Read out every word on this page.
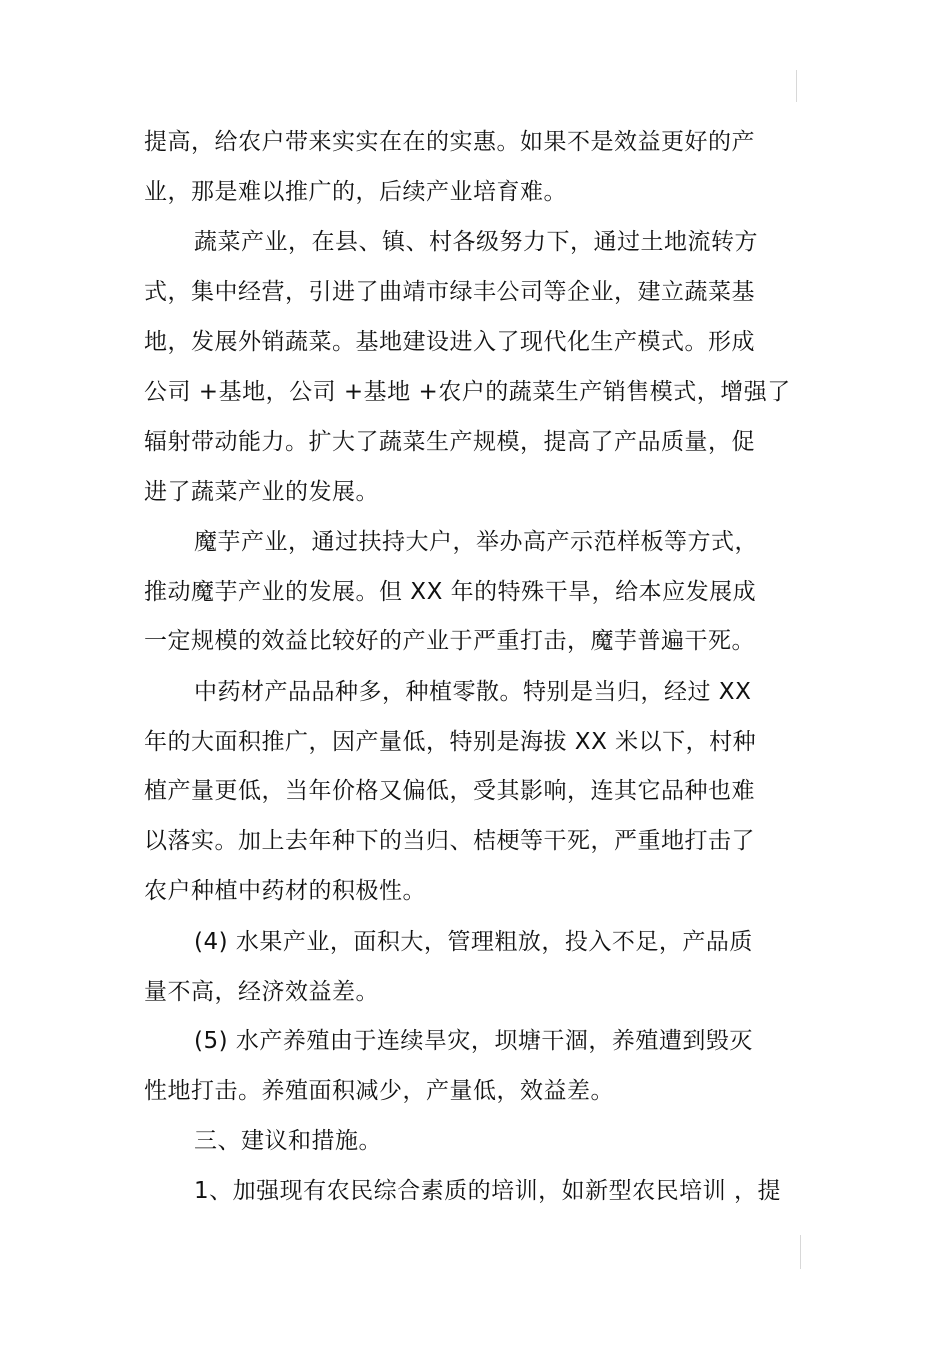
提高，给农户带来实实在在的实惠。如果不是效益更好的产
业，那是难以推广的，后续产业培育难。
蔬菜产业，在县、镇、村各级努力下，通过土地流转方
式，集中经营，引进了曲靖市绿丰公司等企业，建立蔬菜基
地，发展外销蔬菜。基地建设进入了现代化生产模式。形成
公司 +基地，公司 +基地 +农户的蔬菜生产销售模式，增强了
辐射带动能力。扩大了蔬菜生产规模，提高了产品质量，促
进了蔬菜产业的发展。
魔芋产业，通过扶持大户，举办高产示范样板等方式，
推动魔芋产业的发展。但 XX 年的特殊干旱，给本应发展成
一定规模的效益比较好的产业于严重打击，魔芋普遍干死。
中药材产品品种多，种植零散。特别是当归，经过 XX
年的大面积推广，因产量低，特别是海拔 XX 米以下，村种
植产量更低，当年价格又偏低，受其影响，连其它品种也难
以落实。加上去年种下的当归、桔梗等干死，严重地打击了
农户种植中药材的积极性。
(4) 水果产业，面积大，管理粗放，投入不足，产品质
量不高，经济效益差。
(5) 水产养殖由于连续旱灾，坝塘干涸，养殖遭到毁灭
性地打击。养殖面积减少，产量低，效益差。
三、建议和措施。
1、加强现有农民综合素质的培训，如新型农民培训 ，提
